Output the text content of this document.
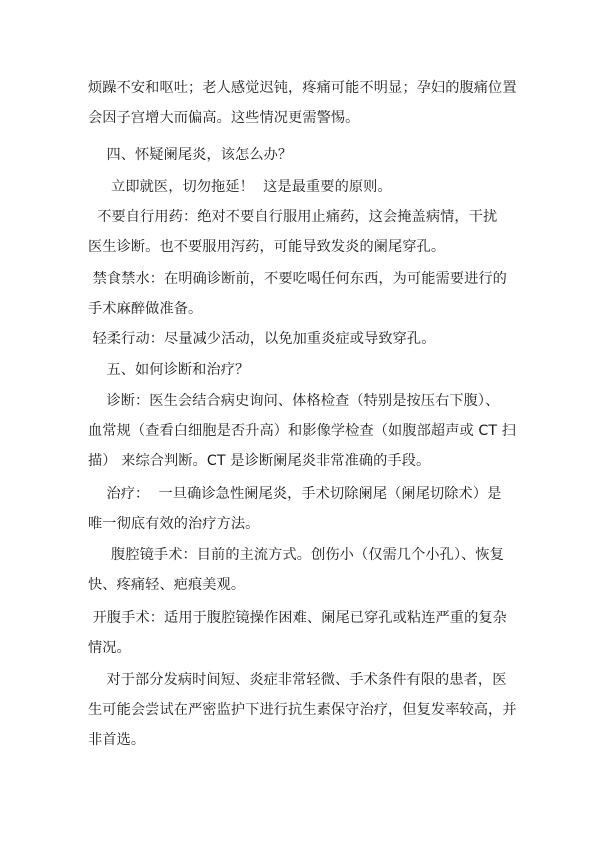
烦躁不安和呕吐；老人感觉迟钝，疼痛可能不明显；孕妇的腹痛位置
会因子宫增大而偏高。这些情况更需警惕。

四、怀疑阑尾炎，该怎么办？

立即就医，切勿拖延！  这是最重要的原则。

不要自行用药：绝对不要自行服用止痛药，这会掩盖病情，干扰
医生诊断。也不要服用泻药，可能导致发炎的阑尾穿孔。

禁食禁水：在明确诊断前，不要吃喝任何东西，为可能需要进行的
手术麻醉做准备。

轻柔行动：尽量减少活动，以免加重炎症或导致穿孔。

五、如何诊断和治疗？

诊断：医生会结合病史询问、体格检查（特别是按压右下腹）、
血常规（查看白细胞是否升高）和影像学检查（如腹部超声或 CT 扫
描） 来综合判断。CT 是诊断阑尾炎非常准确的手段。

治疗：  一旦确诊急性阑尾炎，手术切除阑尾（阑尾切除术）是
唯一彻底有效的治疗方法。

腹腔镜手术：目前的主流方式。创伤小（仅需几个小孔）、恢复
快、疼痛轻、疤痕美观。

开腹手术：适用于腹腔镜操作困难、阑尾已穿孔或粘连严重的复杂
情况。

对于部分发病时间短、炎症非常轻微、手术条件有限的患者，医
生可能会尝试在严密监护下进行抗生素保守治疗，但复发率较高，并
非首选。
